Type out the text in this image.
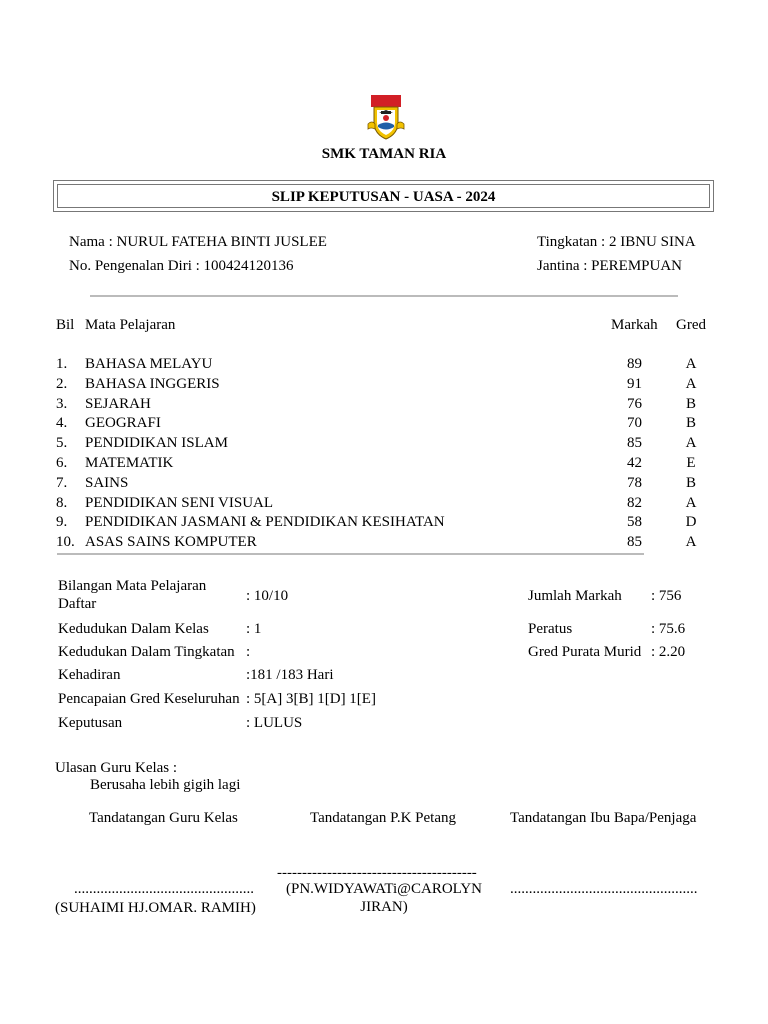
SMK TAMAN RIA
SLIP KEPUTUSAN - UASA - 2024
Nama : NURUL FATEHA BINTI JUSLEE
No. Pengenalan Diri : 100424120136
Tingkatan : 2 IBNU SINA
Jantina : PEREMPUAN
Bil Mata Pelajaran	Markah Gred
1.	BAHASA MELAYU	89	A
2.	BAHASA INGGERIS	91	A
3.	SEJARAH	76	B
4.	GEOGRAFI	70	B
5.	PENDIDIKAN ISLAM	85	A
6.	MATEMATIK	42	E
7.	SAINS	78	B
8.	PENDIDIKAN SENI VISUAL	82	A
9.	PENDIDIKAN JASMANI & PENDIDIKAN KESIHATAN	58	D
10. ASAS SAINS KOMPUTER	85	A
Bilangan Mata Pelajaran Daftar	: 10/10
Kedudukan Dalam Kelas : 1
Kedudukan Dalam Tingkatan :
Kehadiran	:181 /183 Hari
Pencapaian Gred Keseluruhan : 5[A] 3[B] 1[D] 1[E]
Keputusan	: LULUS
Jumlah Markah : 756
Peratus	: 75.6
Gred Purata Murid : 2.20
Ulasan Guru Kelas :
Berusaha lebih gigih lagi
Tandatangan Guru Kelas	Tandatangan P.K Petang	Tandatangan Ibu Bapa/Penjaga
----------------------------------------
................................................	..................................................
(SUHAIMI HJ.OMAR. RAMIH)
(PN.WIDYAWATi@CAROLYN JIRAN)
